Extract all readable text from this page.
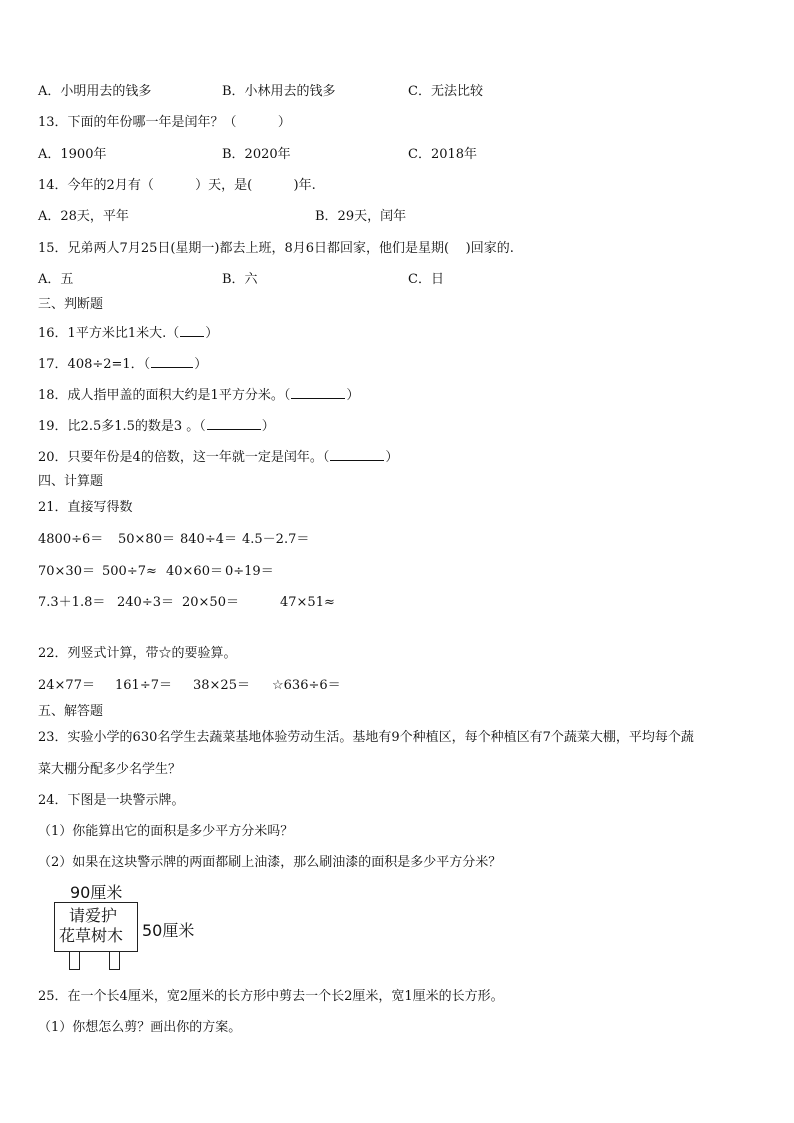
A．小明用去的钱多	B．小林用去的钱多	C．无法比较
13．下面的年份哪一年是闰年？（          ）
A．1900年	B．2020年	C．2018年
14．今年的2月有（          ）天，是(          )年.
A．28天，平年	B．29天，闰年
15．兄弟两人7月25日(星期一)都去上班，8月6日都回家，他们是星期(    )回家的.
A．五	B．六	C．日
三、判断题
16．1平方米比1米大.（ ）
17．408÷2=1．（	）
18．成人指甲盖的面积大约是1平方分米。（	）
19．比2.5多1.5的数是3 。（	）
20．只要年份是4的倍数，这一年就一定是闰年。（	）
四、计算题
21．直接写得数
4800÷6＝ 50×80＝ 840÷4＝ 4.5－2.7＝
70×30＝ 500÷7≈ 40×60＝ 0÷19＝
7.3＋1.8＝ 240÷3＝ 20×50＝	47×51≈
22．列竖式计算，带☆的要验算。
24×77＝ 161÷7＝ 38×25＝ ☆636÷6＝
五、解答题
23．实验小学的630名学生去蔬菜基地体验劳动生活。基地有9个种植区，每个种植区有7个蔬菜大棚，平均每个蔬
菜大棚分配多少名学生？
24．下图是一块警示牌。
（1）你能算出它的面积是多少平方分米吗？
（2）如果在这块警示牌的两面都刷上油漆，那么刷油漆的面积是多少平方分米？
90厘米
请爱护
花草树木 50厘米
25．在一个长4厘米，宽2厘米的长方形中剪去一个长2厘米，宽1厘米的长方形。
（1）你想怎么剪？画出你的方案。
